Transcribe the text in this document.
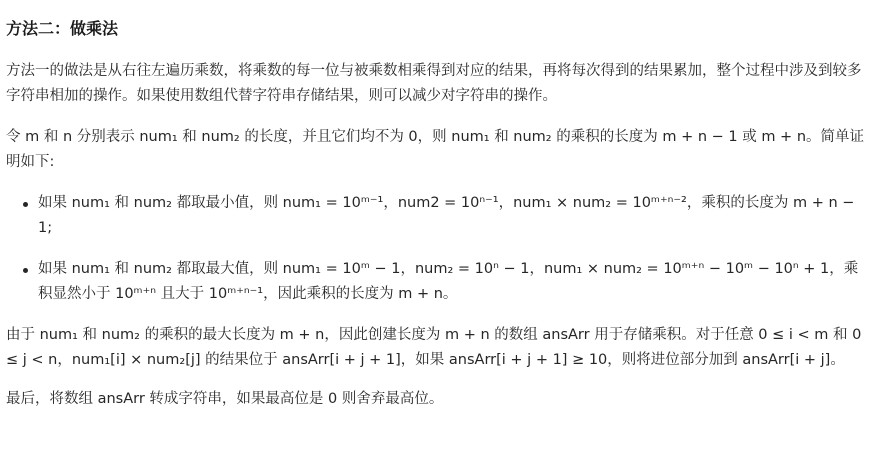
方法二：做乘法

方法一的做法是从右往左遍历乘数，将乘数的每一位与被乘数相乘得到对应的结果，再将每次得到的结果累加，整个过程中涉及到较多字符串相加的操作。如果使用数组代替字符串存储结果，则可以减少对字符串的操作。

令 m 和 n 分别表示 num₁ 和 num₂ 的长度，并且它们均不为 0，则 num₁ 和 num₂ 的乘积的长度为 m + n − 1 或 m + n。简单证明如下:

如果 num₁ 和 num₂ 都取最小值，则 num₁ = 10ᵐ⁻¹，num2 = 10ⁿ⁻¹，num₁ × num₂ = 10ᵐ⁺ⁿ⁻²，乘积的长度为 m + n − 1;
如果 num₁ 和 num₂ 都取最大值，则 num₁ = 10ᵐ − 1，num₂ = 10ⁿ − 1，num₁ × num₂ = 10ᵐ⁺ⁿ − 10ᵐ − 10ⁿ + 1，乘积显然小于 10ᵐ⁺ⁿ 且大于 10ᵐ⁺ⁿ⁻¹，因此乘积的长度为 m + n。

由于 num₁ 和 num₂ 的乘积的最大长度为 m + n，因此创建长度为 m + n 的数组 ansArr 用于存储乘积。对于任意 0 ≤ i < m 和 0 ≤ j < n，num₁[i] × num₂[j] 的结果位于 ansArr[i + j + 1]，如果 ansArr[i + j + 1] ≥ 10，则将进位部分加到 ansArr[i + j]。

最后，将数组 ansArr 转成字符串，如果最高位是 0 则舍弃最高位。
